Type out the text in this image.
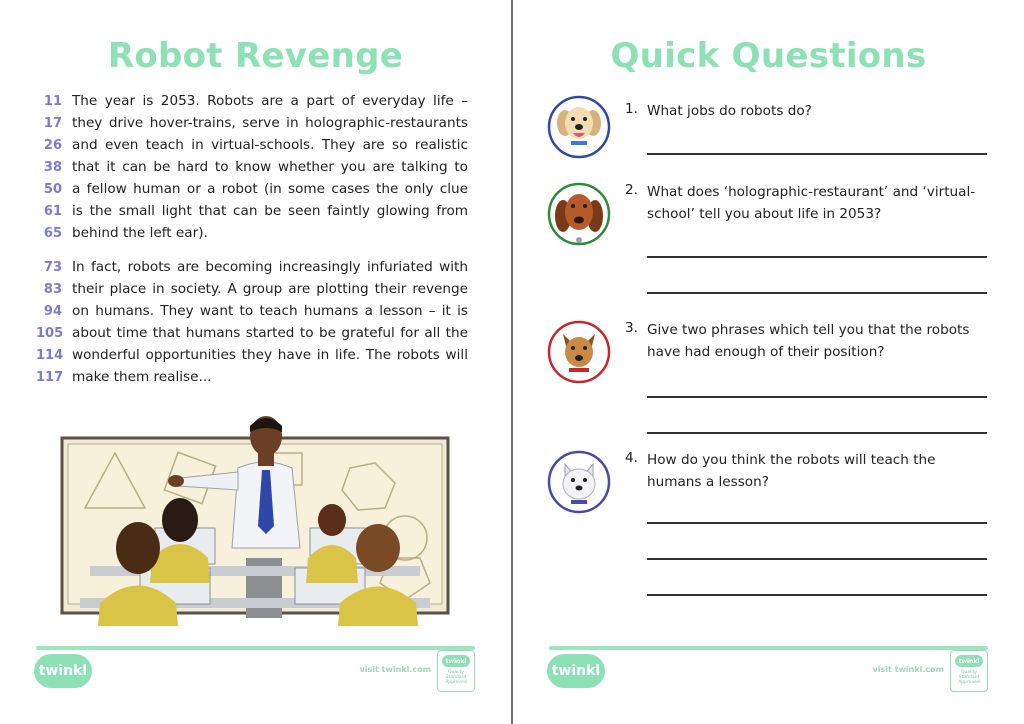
Robot Revenge
11 The year is 2053. Robots are a part of everyday life –
17 they drive hover-trains, serve in holographic-restaurants
26 and even teach in virtual-schools. They are so realistic
38 that it can be hard to know whether you are talking to
50 a fellow human or a robot (in some cases the only clue
61 is the small light that can be seen faintly glowing from
65 behind the left ear).
73 In fact, robots are becoming increasingly infuriated with
83 their place in society. A group are plotting their revenge
94 on humans. They want to teach humans a lesson – it is
105 about time that humans started to be grateful for all the
114 wonderful opportunities they have in life. The robots will
117 make them realise...
twinkl	visit twinkl.com
twinkl
Quality Standard Approved
Quick Questions
1. What jobs do robots do?
2. What does ‘holographic-restaurant’ and ‘virtual-school’ tell you about life in 2053?
3. Give two phrases which tell you that the robots have had enough of their position?
4. How do you think the robots will teach the humans a lesson?
twinkl	visit twinkl.com
twinkl
Quality Standard Approved
